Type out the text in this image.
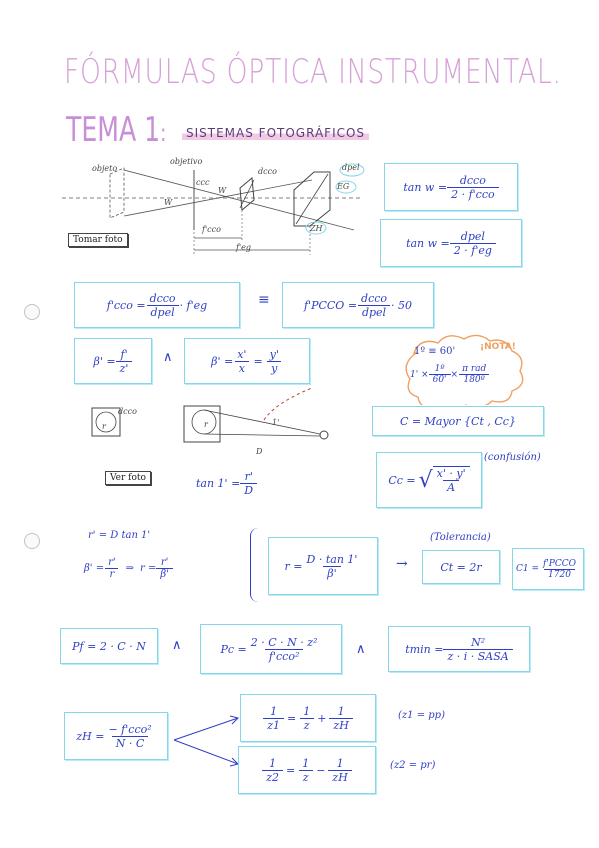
FÓRMULAS ÓPTICA INSTRUMENTAL.
TEMA 1:	SISTEMAS FOTOGRÁFICOS
objeto
objetivo
dcco	dpel
EG
ccc
W
W
f'cco
f'eg
ZH
Tomar foto
$\tan w = \frac{\text{dcco}}{\text{2 · f'cco}}$
$\tan w = \frac{\text{dpel}}{2 \cdot f'eg}$
$f'cco = \frac{\text{dcco}}{\text{dpel}} \cdot f'eg$	≡	f'PCCO = $\frac{\text{dcco}}{\text{dpel}} \cdot 50$
$\beta' = \frac{f'}{z'}$ ∧	$\beta' = \frac{x'}{x} = \frac{y'}{y}$
¡NOTA!
1º ≡ 60'
$1' \times \frac{\text{1º}}{60'} \times \frac{\text{π rad}}{\text{180º}}$
dcco
r	r	1'
D
Ver foto
C = Mayor {Ct , Cc}
Cc = √ $\frac{x' \cdot y'}{A}$
(confusión)
$\tan 1' = \frac{r'}{D}$
r' = D tan 1'
$\beta' = \frac{r'}{r}$ ⇒ $r = \frac{r'}{\beta'}$	$r = \frac{D \cdot \tan 1'}{\beta'}$ →
(Tolerancia)
Ct = 2r	$C1 = \frac{\text{f'PCCO}}{1720}$
Pf = 2 · C · N ∧	$Pc = \frac{\text{2 · C · N · z²}}{\text{f'cco²}}$	∧	$tmin = \frac{\text{N²}}{\text{z · i · SASA}}$
zH = $\frac{\text{− f'cco²}}{N \cdot C}$
$\frac{1}{z1} = \frac{1}{z} + \frac{1}{zH}$	(z1 = pp)
$\frac{1}{z2} = \frac{1}{z} - \frac{1}{zH}$	(z2 = pr)
